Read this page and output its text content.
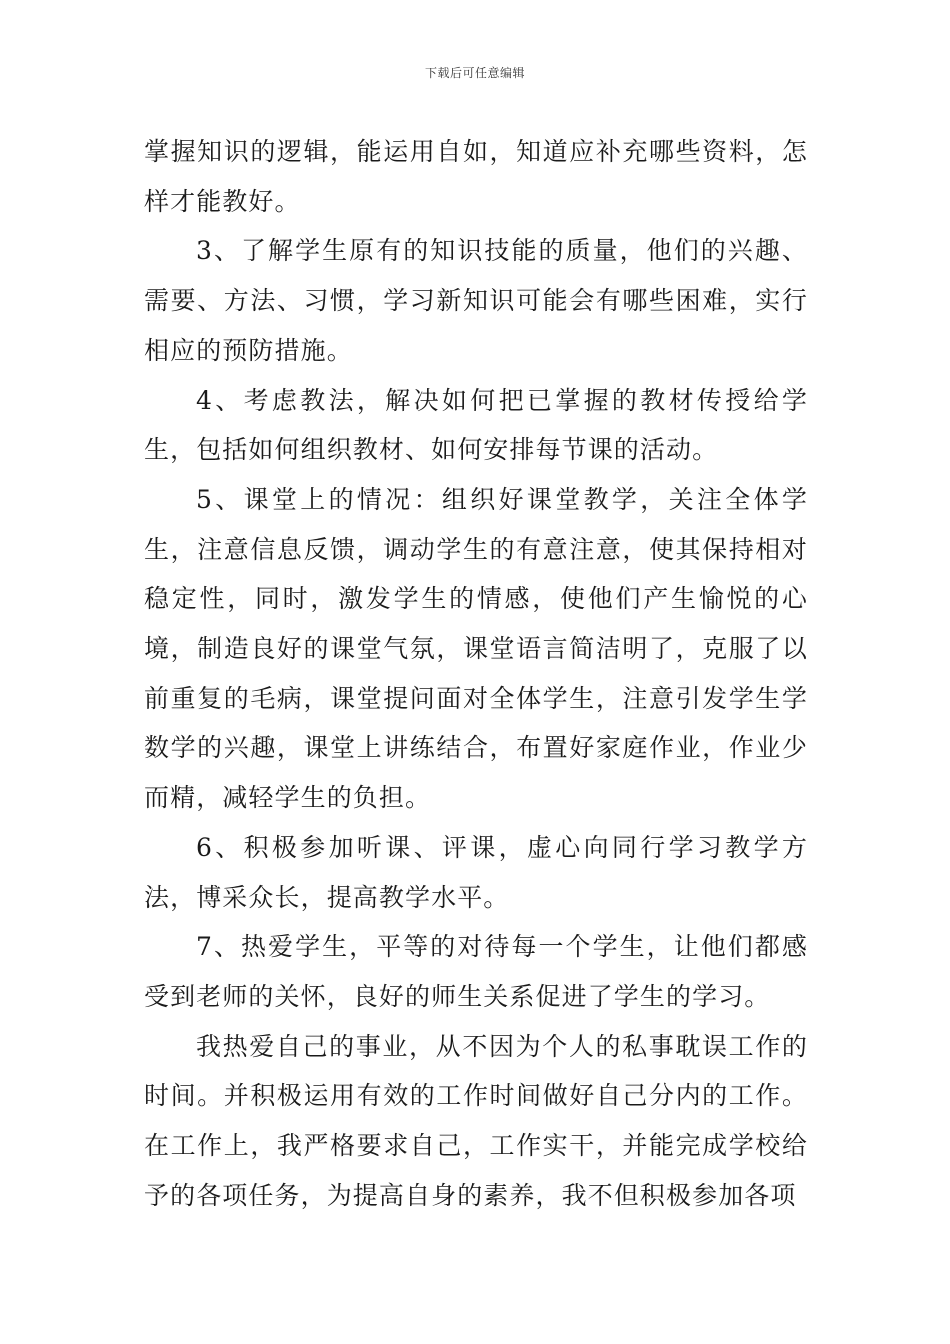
下载后可任意编辑

掌握知识的逻辑，能运用自如，知道应补充哪些资料，怎样才能教好。

3、了解学生原有的知识技能的质量，他们的兴趣、需要、方法、习惯，学习新知识可能会有哪些困难，实行相应的预防措施。

4、考虑教法，解决如何把已掌握的教材传授给学生，包括如何组织教材、如何安排每节课的活动。

5、课堂上的情况：组织好课堂教学，关注全体学生，注意信息反馈，调动学生的有意注意，使其保持相对稳定性，同时，激发学生的情感，使他们产生愉悦的心境，制造良好的课堂气氛，课堂语言简洁明了，克服了以前重复的毛病，课堂提问面对全体学生，注意引发学生学数学的兴趣，课堂上讲练结合，布置好家庭作业，作业少而精，减轻学生的负担。

6、积极参加听课、评课，虚心向同行学习教学方法，博采众长，提高教学水平。

7、热爱学生，平等的对待每一个学生，让他们都感受到老师的关怀，良好的师生关系促进了学生的学习。

我热爱自己的事业，从不因为个人的私事耽误工作的时间。并积极运用有效的工作时间做好自己分内的工作。在工作上，我严格要求自己，工作实干，并能完成学校给予的各项任务，为提高自身的素养，我不但积极参加各项
